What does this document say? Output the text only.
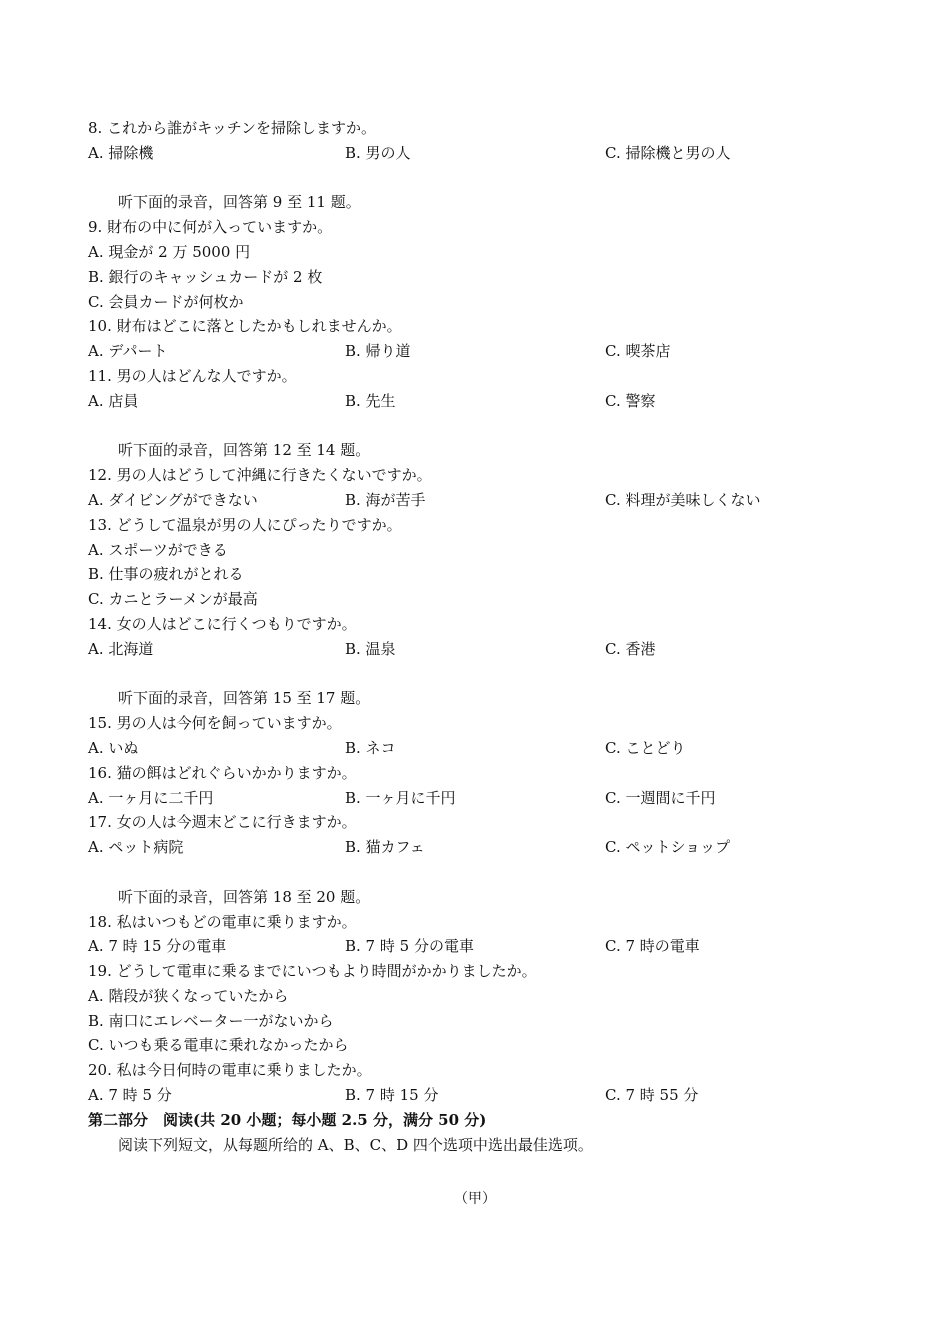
8. これから誰がキッチンを掃除しますか。
A. 掃除機	B. 男の人	C. 掃除機と男の人
听下面的录音，回答第 9 至 11 题。
9. 財布の中に何が入っていますか。
A. 現金が 2 万 5000 円
B. 銀行のキャッシュカードが 2 枚
C. 会員カードが何枚か
10. 財布はどこに落としたかもしれませんか。
A. デパート	B. 帰り道	C. 喫茶店
11. 男の人はどんな人ですか。
A. 店員	B. 先生	C. 警察
听下面的录音，回答第 12 至 14 题。
12. 男の人はどうして沖縄に行きたくないですか。
A. ダイビングができない	B. 海が苦手	C. 料理が美味しくない
13. どうして温泉が男の人にぴったりですか。
A. スポーツができる
B. 仕事の疲れがとれる
C. カニとラーメンが最高
14. 女の人はどこに行くつもりですか。
A. 北海道	B. 温泉	C. 香港
听下面的录音，回答第 15 至 17 题。
15. 男の人は今何を飼っていますか。
A. いぬ	B. ネコ	C. ことどり
16. 猫の餌はどれぐらいかかりますか。
A. 一ヶ月に二千円	B. 一ヶ月に千円	C. 一週間に千円
17. 女の人は今週末どこに行きますか。
A. ペット病院	B. 猫カフェ	C. ペットショップ
听下面的录音，回答第 18 至 20 题。
18. 私はいつもどの電車に乗りますか。
A. 7 時 15 分の電車	B. 7 時 5 分の電車	C. 7 時の電車
19. どうして電車に乗るまでにいつもより時間がかかりましたか。
A. 階段が狭くなっていたから
B. 南口にエレベーター一がないから
C. いつも乗る電車に乗れなかったから
20. 私は今日何時の電車に乗りましたか。
A. 7 時 5 分	B. 7 時 15 分	C. 7 時 55 分
第二部分　阅读(共 20 小题；每小题 2.5 分，满分 50 分)
阅读下列短文，从每题所给的 A、B、C、D 四个选项中选出最佳选项。
（甲）
